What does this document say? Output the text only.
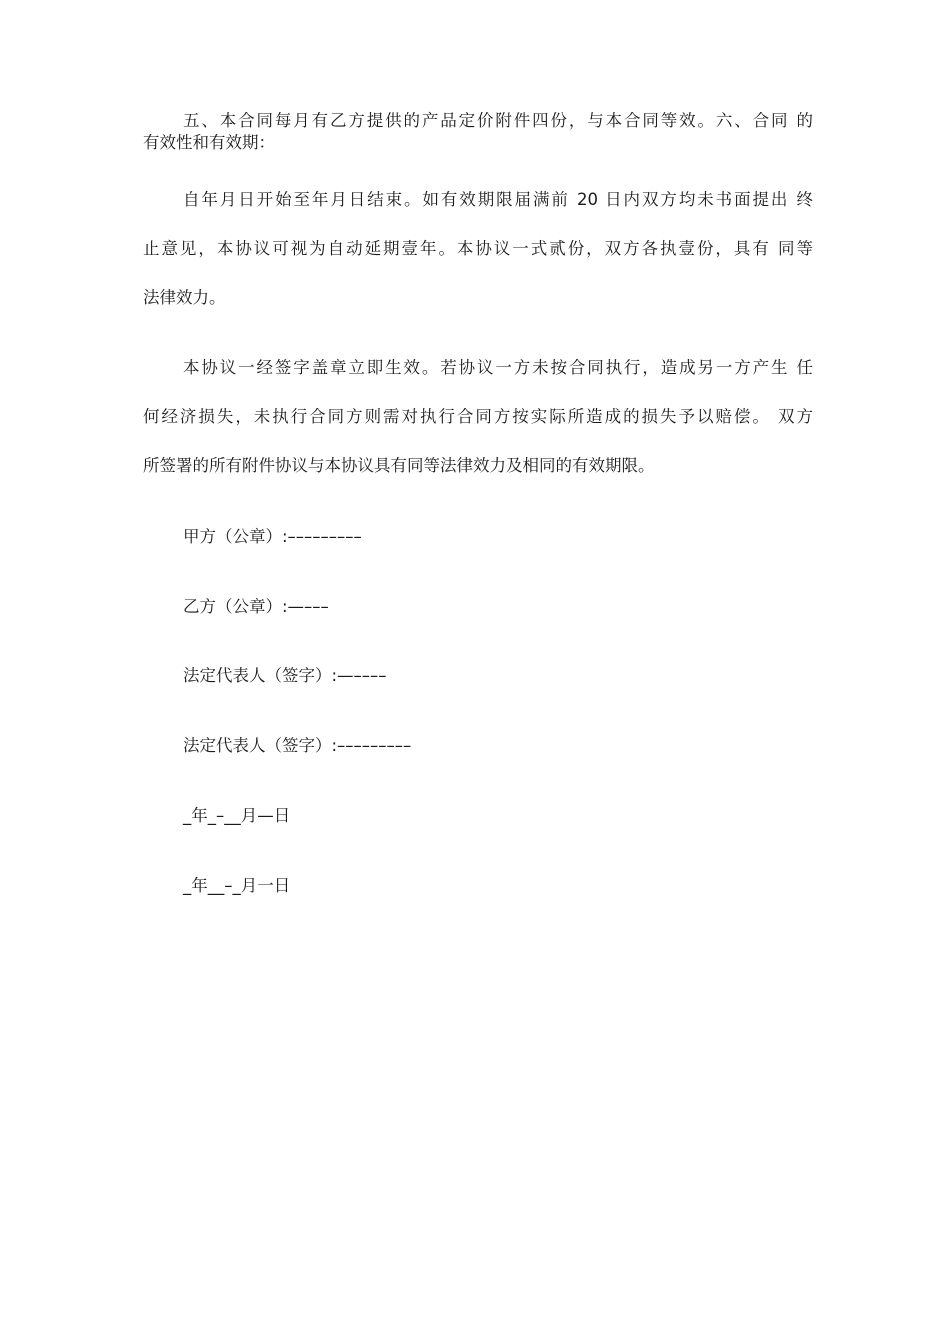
五、本合同每月有乙方提供的产品定价附件四份，与本合同等效。六、合同 的
有效性和有效期：
自年月日开始至年月日结束。如有效期限届满前 20 日内双方均未书面提出 终
止意见，本协议可视为自动延期壹年。本协议一式贰份，双方各执壹份，具有 同等
法律效力。
本协议一经签字盖章立即生效。若协议一方未按合同执行，造成另一方产生 任
何经济损失，未执行合同方则需对执行合同方按实际所造成的损失予以赔偿。 双方
所签署的所有附件协议与本协议具有同等法律效力及相同的有效期限。
甲方（公章）:–––––––––
乙方（公章）:—–––
法定代表人（签字）:—––––
法定代表人（签字）:–––––––––
_年_–__月—日
_年__–_月一日
